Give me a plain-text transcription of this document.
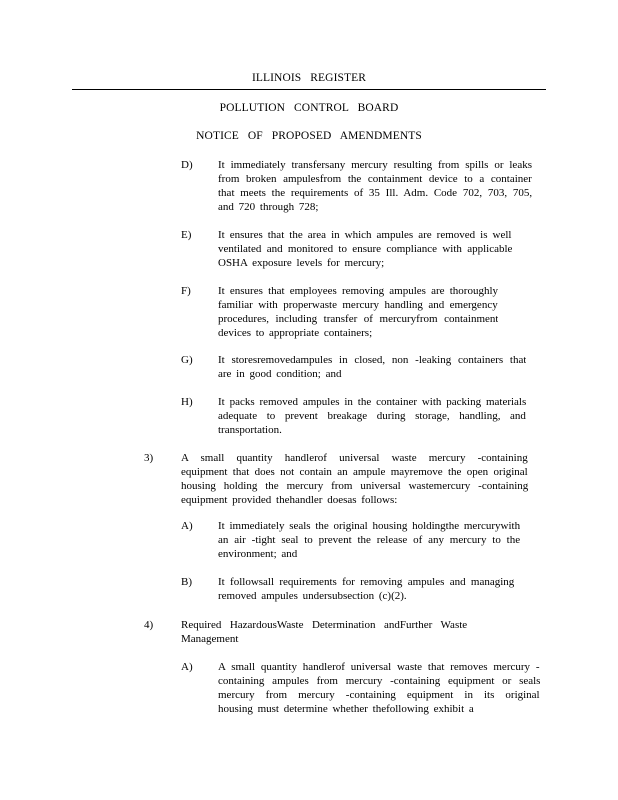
ILLINOIS REGISTER
POLLUTION CONTROL BOARD
NOTICE OF PROPOSED AMENDMENTS
D) It immediately transfersany mercury resulting from spills or leaks
from broken ampulesfrom the containment device to a container
that meets the requirements of 35 Ill. Adm. Code 702, 703, 705,
and 720 through 728;
E) It ensures that the area in which ampules are removed is well
ventilated and monitored to ensure compliance with applicable
OSHA exposure levels for mercury;
F) It ensures that employees removing ampules are thoroughly
familiar with properwaste mercury handling and emergency
procedures, including transfer of mercuryfrom containment
devices to appropriate containers;
G) It storesremovedampules in closed, non -leaking containers that
are in good condition; and
H) It packs removed ampules in the container with packing materials
adequate to prevent breakage during storage, handling, and
transportation.
3)	A small quantity handlerof universal waste mercury -containing
equipment that does not contain an ampule mayremove the open original
housing holding the mercury from universal wastemercury -containing
equipment provided thehandler doesas follows:
A) It immediately seals the original housing holdingthe mercurywith
an air -tight seal to prevent the release of any mercury to the
environment; and
B) It followsall requirements for removing ampules and managing
removed ampules undersubsection (c)(2).
4)	Required HazardousWaste Determination andFurther Waste
Management
A) A small quantity handlerof universal waste that removes mercury -
containing ampules from mercury -containing equipment or seals
mercury from mercury -containing equipment in its original
housing must determine whether thefollowing exhibit a
